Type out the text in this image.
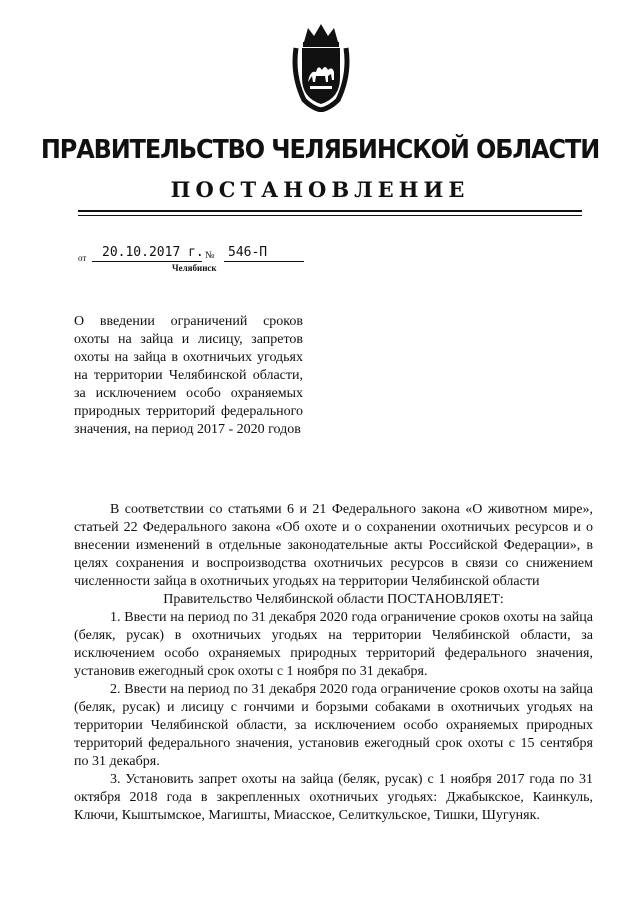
ПРАВИТЕЛЬСТВО ЧЕЛЯБИНСКОЙ ОБЛАСТИ
ПОСТАНОВЛЕНИЕ
от 20.10.2017 г. № 546-П
Челябинск
О введении ограничений сроков охоты на зайца и лисицу, запретов охоты на зайца в охотничьих угодьях на территории Челябинской области, за исключением особо охраняемых природных территорий федерального значения, на период 2017 - 2020 годов

В соответствии со статьями 6 и 21 Федерального закона «О животном мире», статьей 22 Федерального закона «Об охоте и о сохранении охотничьих ресурсов и о внесении изменений в отдельные законодательные акты Российской Федерации», в целях сохранения и воспроизводства охотничьих ресурсов в связи со снижением численности зайца в охотничьих угодьях на территории Челябинской области

Правительство Челябинской области ПОСТАНОВЛЯЕТ:

1. Ввести на период по 31 декабря 2020 года ограничение сроков охоты на зайца (беляк, русак) в охотничьих угодьях на территории Челябинской области, за исключением особо охраняемых природных территорий федерального значения, установив ежегодный срок охоты с 1 ноября по 31 декабря.

2. Ввести на период по 31 декабря 2020 года ограничение сроков охоты на зайца (беляк, русак) и лисицу с гончими и борзыми собаками в охотничьих угодьях на территории Челябинской области, за исключением особо охраняемых природных территорий федерального значения, установив ежегодный срок охоты с 15 сентября по 31 декабря.

3. Установить запрет охоты на зайца (беляк, русак) с 1 ноября 2017 года по 31 октября 2018 года в закрепленных охотничьих угодьях: Джабыкское, Каинкуль, Ключи, Кыштымское, Магишты, Миасское, Селиткульское, Тишки, Шугуняк.
